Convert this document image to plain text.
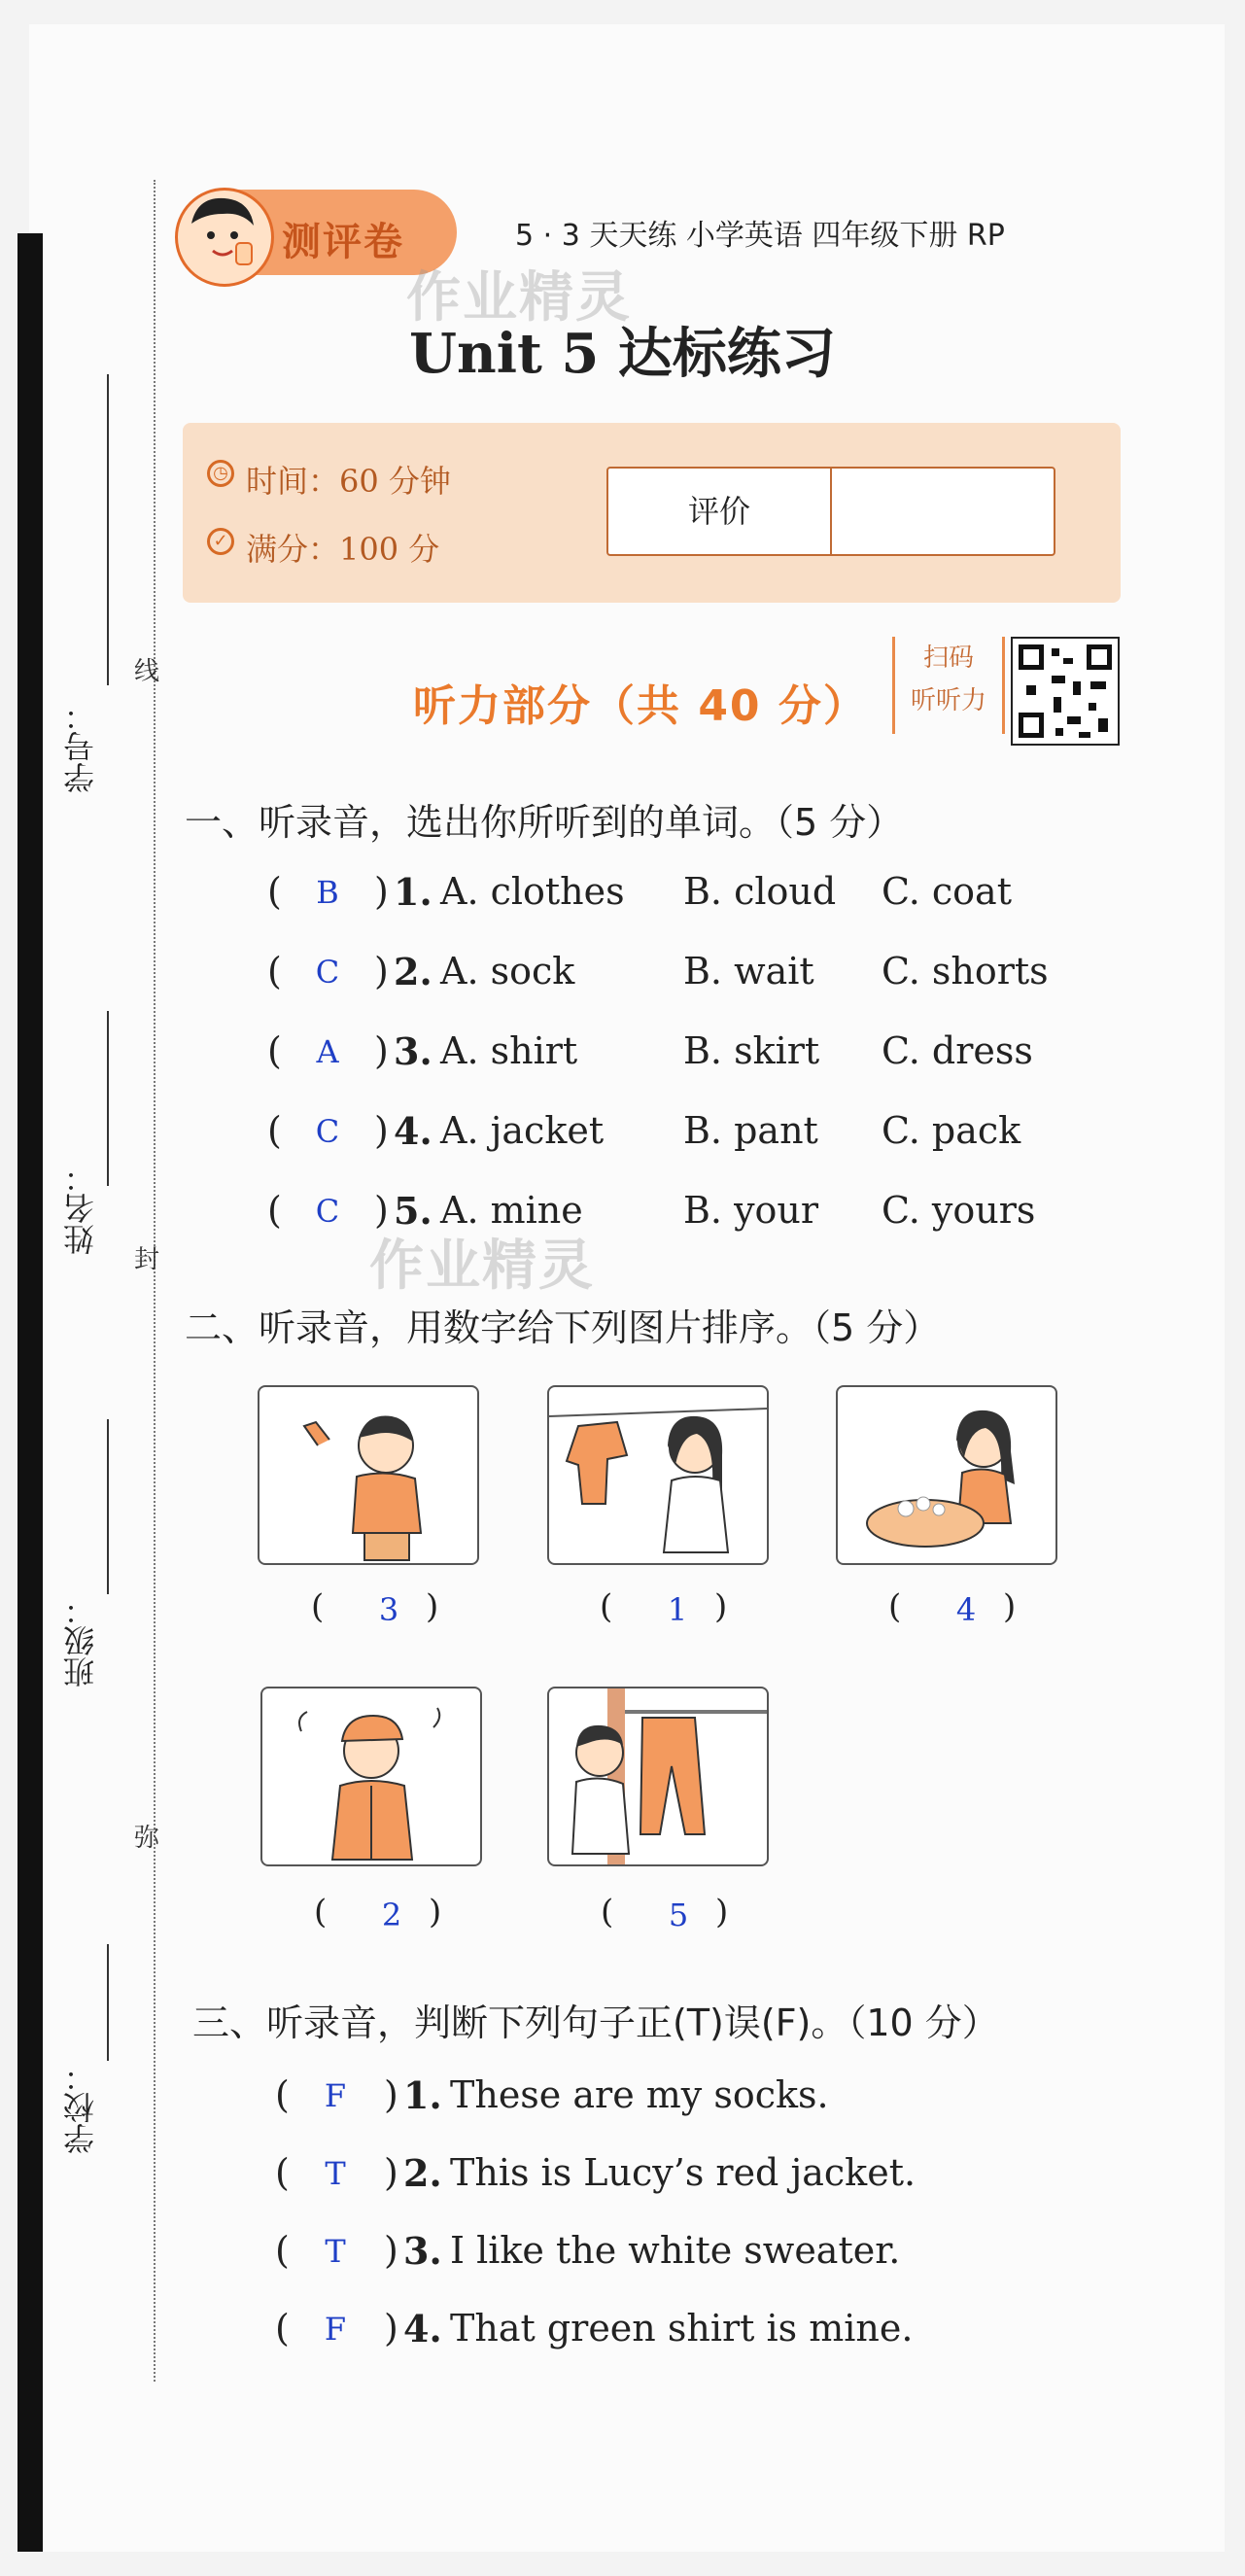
学号：
姓名：
班级：
学校：
线
封
弥
测评卷	5 · 3 天天练 小学英语 四年级下册 RP
作业精灵
Unit 5 达标练习
◷ 时间：60 分钟
✓ 满分：100 分
评价
听力部分（共 40 分）
扫码
听听力
一、听录音，选出你所听到的单词。（5 分）
(	B ) 1. A. clothes B. cloud C. coat
(	C ) 2. A. sock	B. wait C. shorts
(	A ) 3. A. shirt	B. skirt C. dress
(	C ) 4. A. jacket B. pant C. pack
(	C ) 5. A. mine	B. your C. yours
作业精灵
二、听录音，用数字给下列图片排序。（5 分）
( 3 )	( 1 )	( 4 )
( 2 )	( 5 )
三、听录音，判断下列句子正(T)误(F)。（10 分）
(	F	) 1. These are my socks.
(	T	) 2. This is Lucy’s red jacket.
(	T	) 3. I like the white sweater.
(	F	) 4. That green shirt is mine.
